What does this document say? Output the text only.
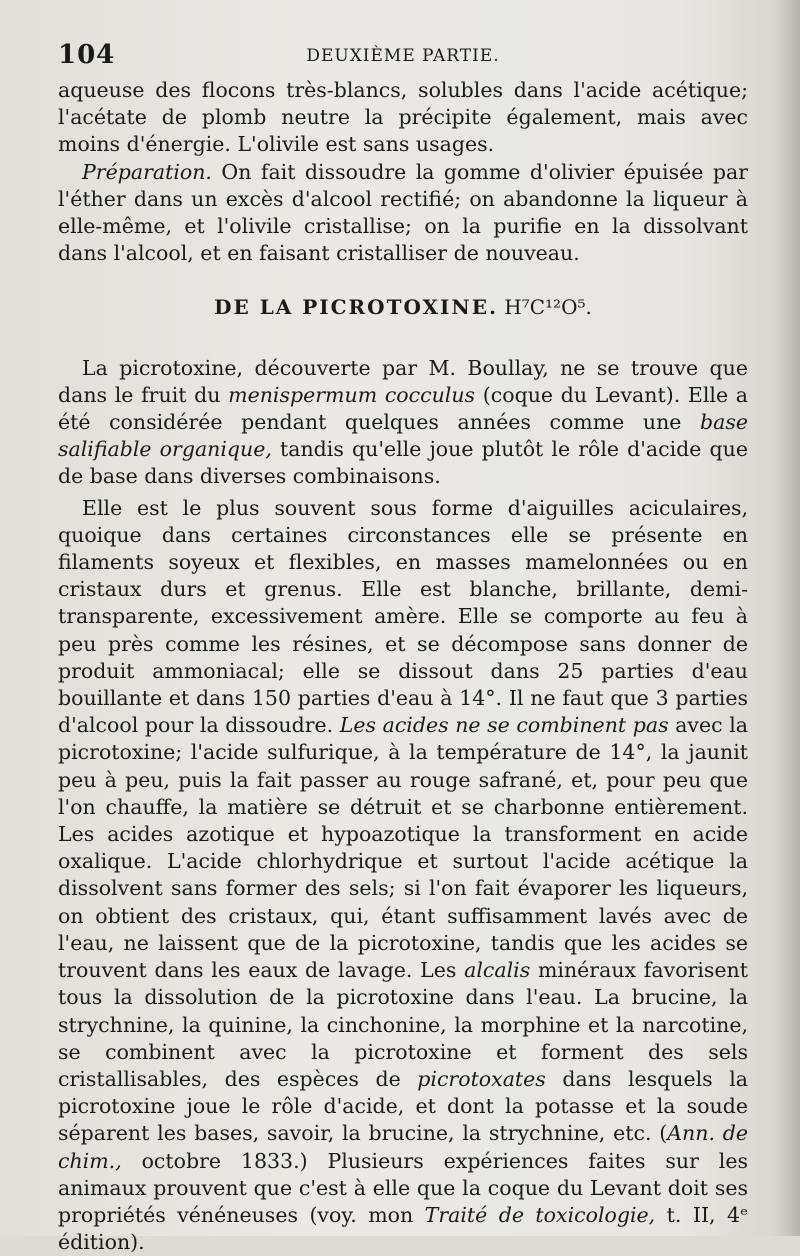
104	DEUXIÈME PARTIE.

aqueuse des flocons très-blancs, solubles dans l'acide acétique; l'acétate de plomb neutre la précipite également, mais avec moins d'énergie. L'olivile est sans usages.

Préparation. On fait dissoudre la gomme d'olivier épuisée par l'éther dans un excès d'alcool rectifié; on abandonne la liqueur à elle-même, et l'olivile cristallise; on la purifie en la dissolvant dans l'alcool, et en faisant cristalliser de nouveau.

DE LA PICROTOXINE. H⁷C¹²O⁵.

La picrotoxine, découverte par M. Boullay, ne se trouve que dans le fruit du menispermum cocculus (coque du Levant). Elle a été considérée pendant quelques années comme une base salifiable organique, tandis qu'elle joue plutôt le rôle d'acide que de base dans diverses combinaisons.

Elle est le plus souvent sous forme d'aiguilles aciculaires, quoique dans certaines circonstances elle se présente en filaments soyeux et flexibles, en masses mamelonnées ou en cristaux durs et grenus. Elle est blanche, brillante, demi-transparente, excessivement amère. Elle se comporte au feu à peu près comme les résines, et se décompose sans donner de produit ammoniacal; elle se dissout dans 25 parties d'eau bouillante et dans 150 parties d'eau à 14°. Il ne faut que 3 parties d'alcool pour la dissoudre. Les acides ne se combinent pas avec la picrotoxine; l'acide sulfurique, à la température de 14°, la jaunit peu à peu, puis la fait passer au rouge safrané, et, pour peu que l'on chauffe, la matière se détruit et se charbonne entièrement. Les acides azotique et hypoazotique la transforment en acide oxalique. L'acide chlorhydrique et surtout l'acide acétique la dissolvent sans former des sels; si l'on fait évaporer les liqueurs, on obtient des cristaux, qui, étant suffisamment lavés avec de l'eau, ne laissent que de la picrotoxine, tandis que les acides se trouvent dans les eaux de lavage. Les alcalis minéraux favorisent tous la dissolution de la picrotoxine dans l'eau. La brucine, la strychnine, la quinine, la cinchonine, la morphine et la narcotine, se combinent avec la picrotoxine et forment des sels cristallisables, des espèces de picrotoxates dans lesquels la picrotoxine joue le rôle d'acide, et dont la potasse et la soude séparent les bases, savoir, la brucine, la strychnine, etc. (Ann. de chim., octobre 1833.) Plusieurs expériences faites sur les animaux prouvent que c'est à elle que la coque du Levant doit ses propriétés vénéneuses (voy. mon Traité de toxicologie, t. II, 4ᵉ édition).
